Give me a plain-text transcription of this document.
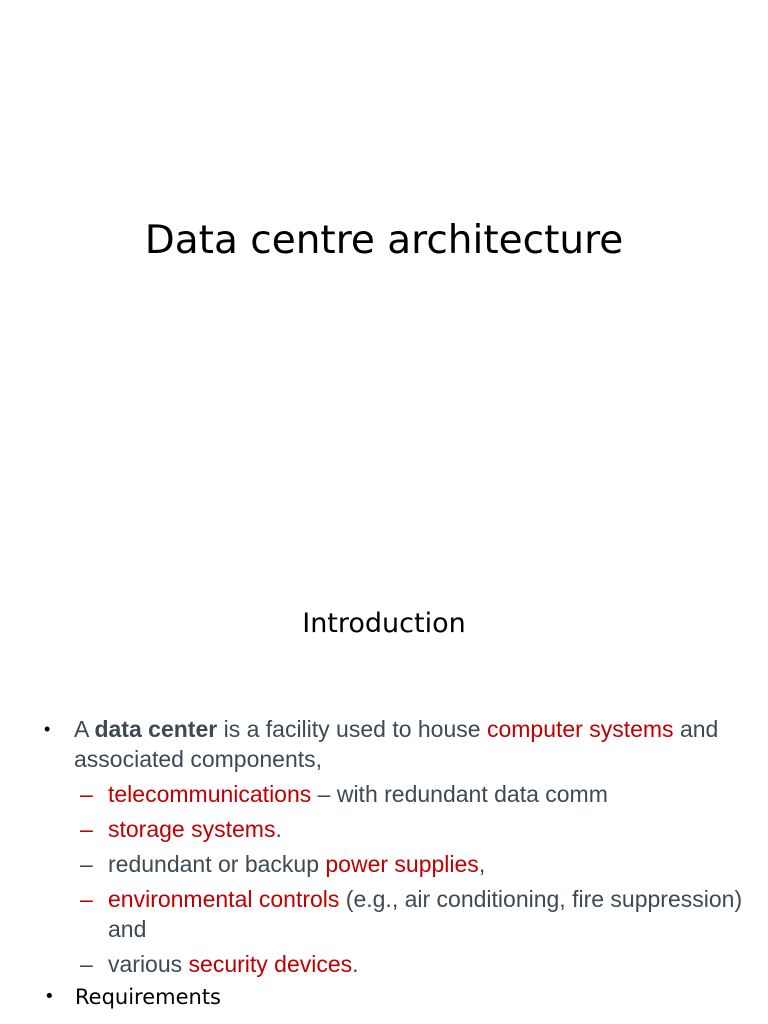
Data centre architecture
Introduction
• A data center is a facility used to house computer systems and associated components,
– telecommunications – with redundant data comm
– storage systems.
– redundant or backup power supplies,
– environmental controls (e.g., air conditioning, fire suppression) and
– various security devices.
• Requirements
